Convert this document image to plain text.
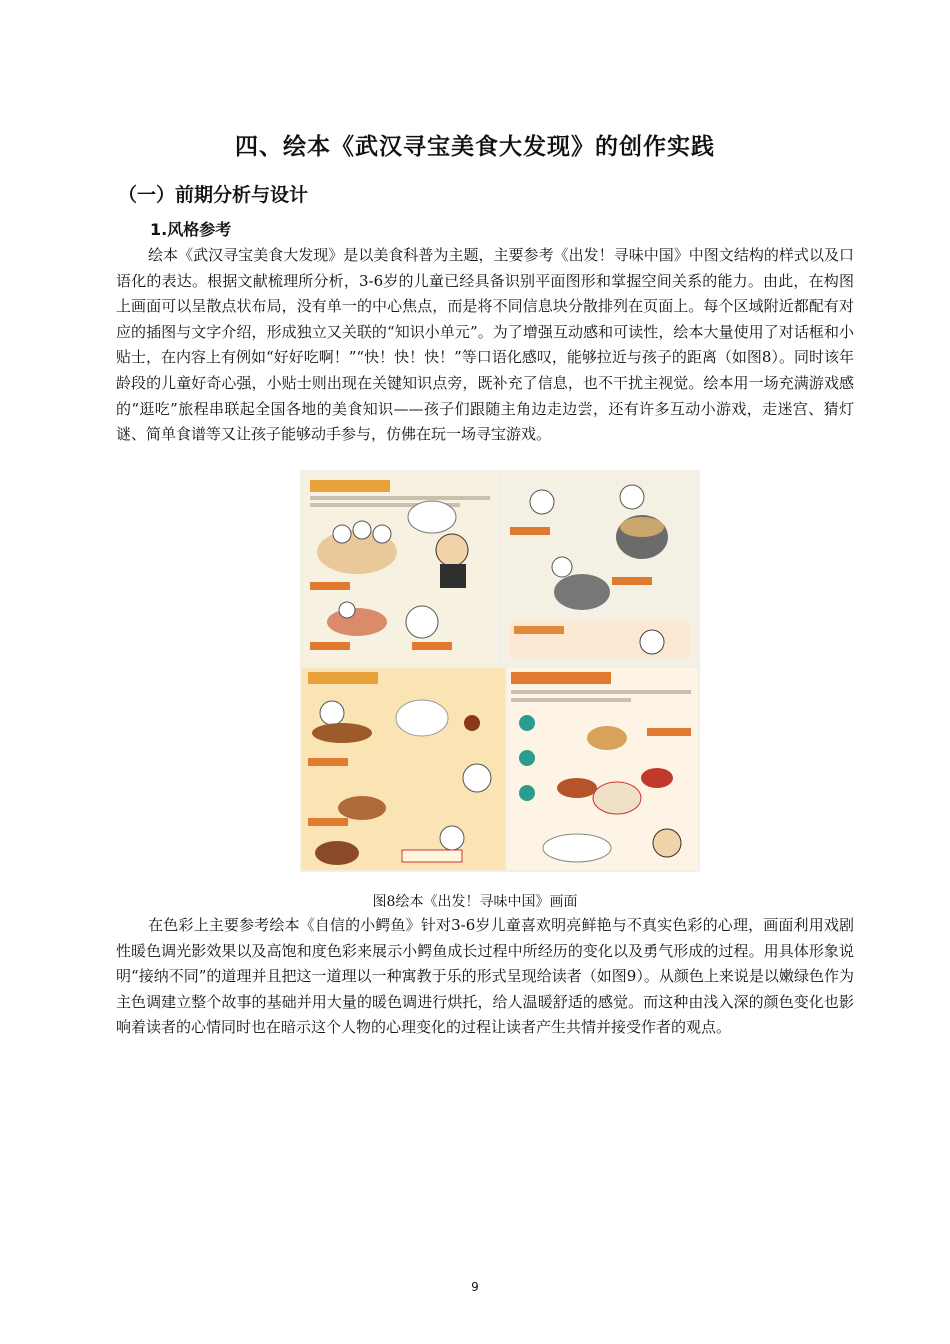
四、绘本《武汉寻宝美食大发现》的创作实践
（一）前期分析与设计
1.风格参考
绘本《武汉寻宝美食大发现》是以美食科普为主题，主要参考《出发！寻味中国》中图文结构的样式以及口语化的表达。根据文献梳理所分析，3-6岁的儿童已经具备识别平面图形和掌握空间关系的能力。由此，在构图上画面可以呈散点状布局，没有单一的中心焦点，而是将不同信息块分散排列在页面上。每个区域附近都配有对应的插图与文字介绍，形成独立又关联的“知识小单元”。为了增强互动感和可读性，绘本大量使用了对话框和小贴士，在内容上有例如“好好吃啊！”“快！快！快！”等口语化感叹，能够拉近与孩子的距离（如图8）。同时该年龄段的儿童好奇心强，小贴士则出现在关键知识点旁，既补充了信息，也不干扰主视觉。绘本用一场充满游戏感的“逛吃”旅程串联起全国各地的美食知识——孩子们跟随主角边走边尝，还有许多互动小游戏，走迷宫、猜灯谜、简单食谱等又让孩子能够动手参与，仿佛在玩一场寻宝游戏。
图8绘本《出发！寻味中国》画面
在色彩上主要参考绘本《自信的小鳄鱼》针对3-6岁儿童喜欢明亮鲜艳与不真实色彩的心理，画面利用戏剧性暖色调光影效果以及高饱和度色彩来展示小鳄鱼成长过程中所经历的变化以及勇气形成的过程。用具体形象说明“接纳不同”的道理并且把这一道理以一种寓教于乐的形式呈现给读者（如图9）。从颜色上来说是以嫩绿色作为主色调建立整个故事的基础并用大量的暖色调进行烘托，给人温暖舒适的感觉。而这种由浅入深的颜色变化也影响着读者的心情同时也在暗示这个人物的心理变化的过程让读者产生共情并接受作者的观点。
9
